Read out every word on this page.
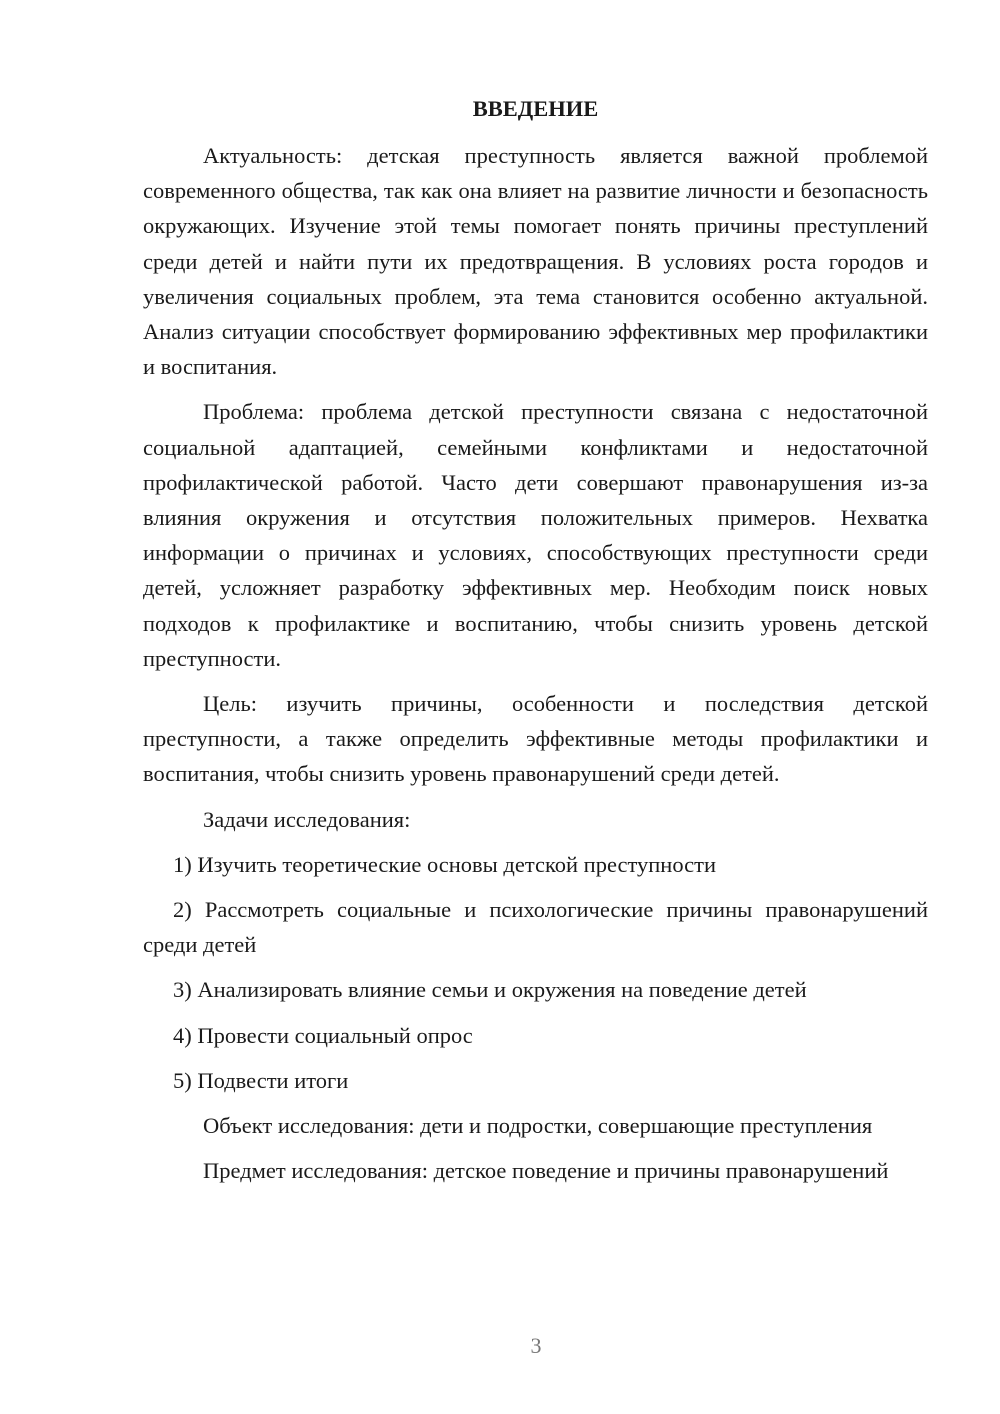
ВВЕДЕНИЕ

Актуальность: детская преступность является важной проблемой современного общества, так как она влияет на развитие личности и безопасность окружающих. Изучение этой темы помогает понять причины преступлений среди детей и найти пути их предотвращения. В условиях роста городов и увеличения социальных проблем, эта тема становится особенно актуальной. Анализ ситуации способствует формированию эффективных мер профилактики и воспитания.

Проблема: проблема детской преступности связана с недостаточной социальной адаптацией, семейными конфликтами и недостаточной профилактической работой. Часто дети совершают правонарушения из-за влияния окружения и отсутствия положительных примеров. Нехватка информации о причинах и условиях, способствующих преступности среди детей, усложняет разработку эффективных мер. Необходим поиск новых подходов к профилактике и воспитанию, чтобы снизить уровень детской преступности.

Цель: изучить причины, особенности и последствия детской преступности, а также определить эффективные методы профилактики и воспитания, чтобы снизить уровень правонарушений среди детей.

Задачи исследования:

1) Изучить теоретические основы детской преступности

2) Рассмотреть социальные и психологические причины правонарушений среди детей

3) Анализировать влияние семьи и окружения на поведение детей

4) Провести социальный опрос

5) Подвести итоги

Объект исследования: дети и подростки, совершающие преступления

Предмет исследования: детское поведение и причины правонарушений

3
